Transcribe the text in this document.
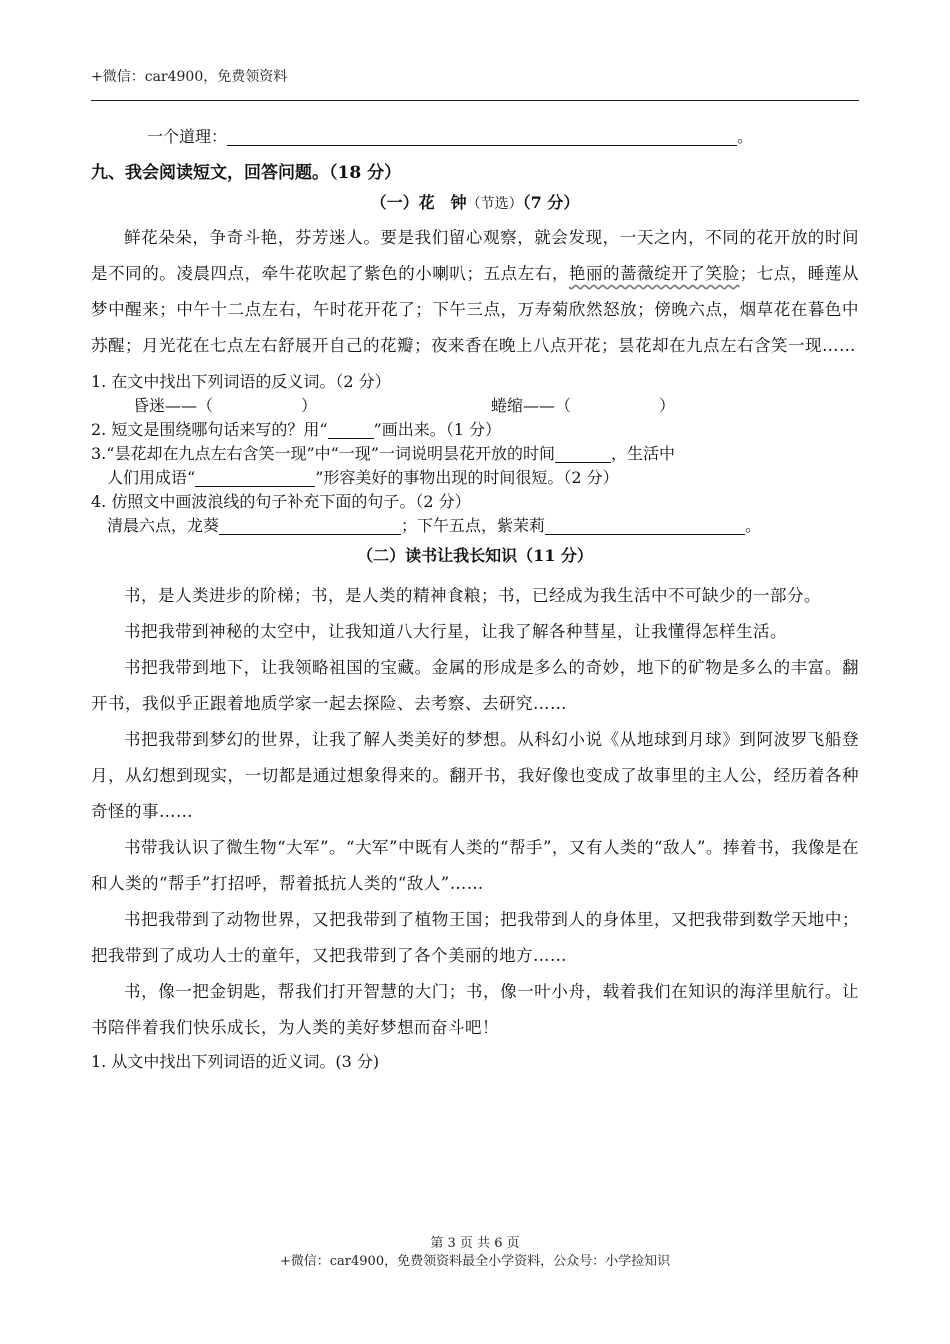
+微信：car4900，免费领资料
一个道理：	。
九、我会阅读短文，回答问题。（18 分）
（一）花　钟（节选）（7 分）
鲜花朵朵，争奇斗艳，芬芳迷人。要是我们留心观察，就会发现，一天之内，不同的花开放的时间是不同的。凌晨四点，牵牛花吹起了紫色的小喇叭；五点左右，艳丽的蔷薇绽开了笑脸；七点，睡莲从梦中醒来；中午十二点左右，午时花开花了；下午三点，万寿菊欣然怒放；傍晚六点，烟草花在暮色中苏醒；月光花在七点左右舒展开自己的花瓣；夜来香在晚上八点开花；昙花却在九点左右含笑一现……
1. 在文中找出下列词语的反义词。（2 分）
昏迷——（	）	蜷缩——（	）
2. 短文是围绕哪句话来写的？用“	”画出来。（1 分）
3.“昙花却在九点左右含笑一现”中“一现”一词说明昙花开放的时间	，生活中
人们用成语“	”形容美好的事物出现的时间很短。（2 分）
4. 仿照文中画波浪线的句子补充下面的句子。（2 分）
清晨六点，龙葵	；下午五点，紫茉莉	。
（二）读书让我长知识（11 分）
书，是人类进步的阶梯；书，是人类的精神食粮；书，已经成为我生活中不可缺少的一部分。
书把我带到神秘的太空中，让我知道八大行星，让我了解各种彗星，让我懂得怎样生活。
书把我带到地下，让我领略祖国的宝藏。金属的形成是多么的奇妙，地下的矿物是多么的丰富。翻开书，我似乎正跟着地质学家一起去探险、去考察、去研究……
书把我带到梦幻的世界，让我了解人类美好的梦想。从科幻小说《从地球到月球》到阿波罗飞船登月，从幻想到现实，一切都是通过想象得来的。翻开书，我好像也变成了故事里的主人公，经历着各种奇怪的事……
书带我认识了微生物“大军”。“大军”中既有人类的“帮手”，又有人类的“敌人”。捧着书，我像是在和人类的“帮手”打招呼，帮着抵抗人类的“敌人”……
书把我带到了动物世界，又把我带到了植物王国；把我带到人的身体里，又把我带到数学天地中；把我带到了成功人士的童年，又把我带到了各个美丽的地方……
书，像一把金钥匙，帮我们打开智慧的大门；书，像一叶小舟，载着我们在知识的海洋里航行。让书陪伴着我们快乐成长，为人类的美好梦想而奋斗吧！
1. 从文中找出下列词语的近义词。(3 分)
第 3 页 共 6 页
+微信：car4900，免费领资料最全小学资料，公众号：小学捡知识
